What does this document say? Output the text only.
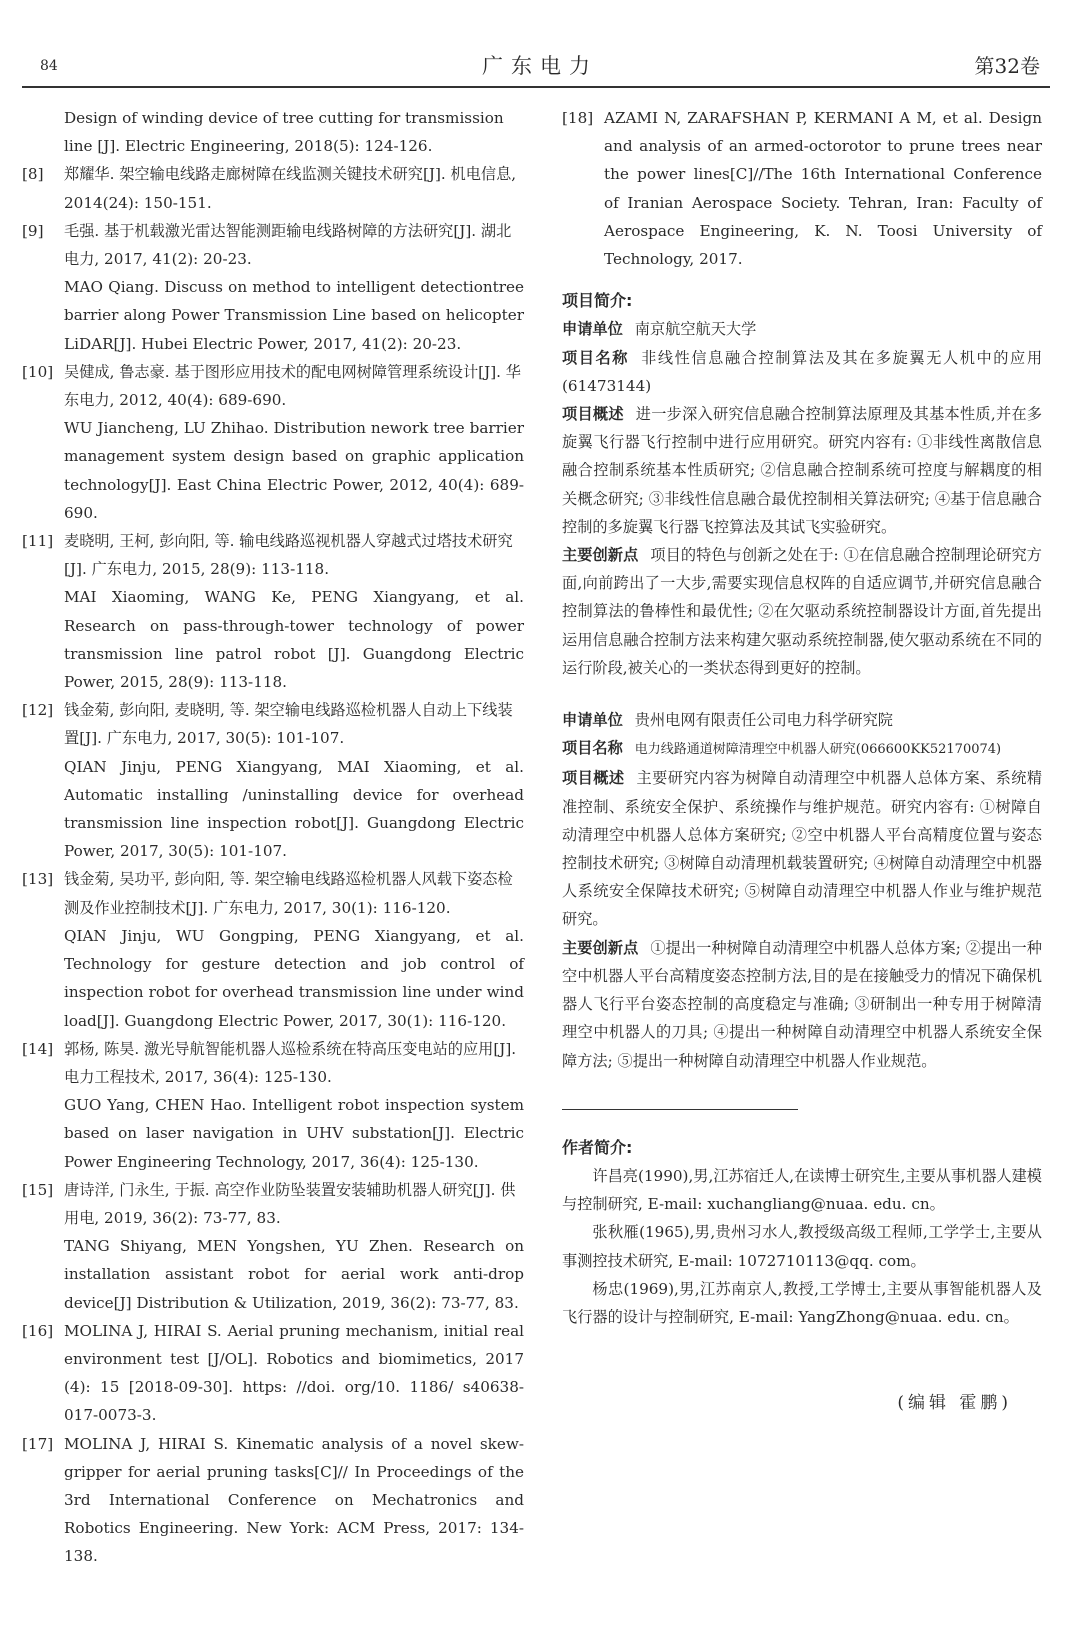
84	广东电力	第32卷
Design of winding device of tree cutting for transmission line [J]. Electric Engineering, 2018(5): 124-126.
[8] 郑耀华. 架空输电线路走廊树障在线监测关键技术研究[J]. 机电信息, 2014(24): 150-151.
[9] 毛强. 基于机载激光雷达智能测距输电线路树障的方法研究[J]. 湖北电力, 2017, 41(2): 20-23.
MAO Qiang. Discuss on method to intelligent detectiontree barrier along Power Transmission Line based on helicopter LiDAR[J]. Hubei Electric Power, 2017, 41(2): 20-23.
[10] 吴健成, 鲁志豪. 基于图形应用技术的配电网树障管理系统设计[J]. 华东电力, 2012, 40(4): 689-690.
WU Jiancheng, LU Zhihao. Distribution nework tree barrier management system design based on graphic application technology[J]. East China Electric Power, 2012, 40(4): 689-690.
[11] 麦晓明, 王柯, 彭向阳, 等. 输电线路巡视机器人穿越式过塔技术研究[J]. 广东电力, 2015, 28(9): 113-118.
MAI Xiaoming, WANG Ke, PENG Xiangyang, et al. Research on pass-through-tower technology of power transmission line patrol robot [J]. Guangdong Electric Power, 2015, 28(9): 113-118.
[12] 钱金菊, 彭向阳, 麦晓明, 等. 架空输电线路巡检机器人自动上下线装置[J]. 广东电力, 2017, 30(5): 101-107.
QIAN Jinju, PENG Xiangyang, MAI Xiaoming, et al. Automatic installing /uninstalling device for overhead transmission line inspection robot[J]. Guangdong Electric Power, 2017, 30(5): 101-107.
[13] 钱金菊, 吴功平, 彭向阳, 等. 架空输电线路巡检机器人风载下姿态检测及作业控制技术[J]. 广东电力, 2017, 30(1): 116-120.
QIAN Jinju, WU Gongping, PENG Xiangyang, et al. Technology for gesture detection and job control of inspection robot for overhead transmission line under wind load[J]. Guangdong Electric Power, 2017, 30(1): 116-120.
[14] 郭杨, 陈昊. 激光导航智能机器人巡检系统在特高压变电站的应用[J]. 电力工程技术, 2017, 36(4): 125-130.
GUO Yang, CHEN Hao. Intelligent robot inspection system based on laser navigation in UHV substation[J]. Electric Power Engineering Technology, 2017, 36(4): 125-130.
[15] 唐诗洋, 门永生, 于振. 高空作业防坠装置安装辅助机器人研究[J]. 供用电, 2019, 36(2): 73-77, 83.
TANG Shiyang, MEN Yongshen, YU Zhen. Research on installation assistant robot for aerial work anti-drop device[J] Distribution & Utilization, 2019, 36(2): 73-77, 83.
[16] MOLINA J, HIRAI S. Aerial pruning mechanism, initial real environment test [J/OL]. Robotics and biomimetics, 2017 (4): 15 [2018-09-30]. https: //doi. org/10. 1186/ s40638-017-0073-3.
[17] MOLINA J, HIRAI S. Kinematic analysis of a novel skew-gripper for aerial pruning tasks[C]// In Proceedings of the 3rd International Conference on Mechatronics and Robotics Engineering. New York: ACM Press, 2017: 134-138.
[18] AZAMI N, ZARAFSHAN P, KERMANI A M, et al. Design and analysis of an armed-octorotor to prune trees near the power lines[C]//The 16th International Conference of Iranian Aerospace Society. Tehran, Iran: Faculty of Aerospace Engineering, K. N. Toosi University of Technology, 2017.
项目简介:
申请单位 南京航空航天大学
项目名称 非线性信息融合控制算法及其在多旋翼无人机中的应用(61473144)
项目概述 进一步深入研究信息融合控制算法原理及其基本性质,并在多旋翼飞行器飞行控制中进行应用研究。研究内容有: ①非线性离散信息融合控制系统基本性质研究; ②信息融合控制系统可控度与解耦度的相关概念研究; ③非线性信息融合最优控制相关算法研究; ④基于信息融合控制的多旋翼飞行器飞控算法及其试飞实验研究。
主要创新点 项目的特色与创新之处在于: ①在信息融合控制理论研究方面,向前跨出了一大步,需要实现信息权阵的自适应调节,并研究信息融合控制算法的鲁棒性和最优性; ②在欠驱动系统控制器设计方面,首先提出运用信息融合控制方法来构建欠驱动系统控制器,使欠驱动系统在不同的运行阶段,被关心的一类状态得到更好的控制。
申请单位 贵州电网有限责任公司电力科学研究院
项目名称 电力线路通道树障清理空中机器人研究(066600KK52170074)
项目概述 主要研究内容为树障自动清理空中机器人总体方案、系统精准控制、系统安全保护、系统操作与维护规范。研究内容有: ①树障自动清理空中机器人总体方案研究; ②空中机器人平台高精度位置与姿态控制技术研究; ③树障自动清理机载装置研究; ④树障自动清理空中机器人系统安全保障技术研究; ⑤树障自动清理空中机器人作业与维护规范研究。
主要创新点 ①提出一种树障自动清理空中机器人总体方案; ②提出一种空中机器人平台高精度姿态控制方法,目的是在接触受力的情况下确保机器人飞行平台姿态控制的高度稳定与准确; ③研制出一种专用于树障清理空中机器人的刀具; ④提出一种树障自动清理空中机器人系统安全保障方法; ⑤提出一种树障自动清理空中机器人作业规范。
作者简介:
许昌亮(1990),男,江苏宿迁人,在读博士研究生,主要从事机器人建模与控制研究, E-mail: xuchangliang@nuaa. edu. cn。
张秋雁(1965),男,贵州习水人,教授级高级工程师,工学学士,主要从事测控技术研究, E-mail: 1072710113@qq. com。
杨忠(1969),男,江苏南京人,教授,工学博士,主要从事智能机器人及飞行器的设计与控制研究, E-mail: YangZhong@nuaa. edu. cn。
(编辑 霍鹏)
